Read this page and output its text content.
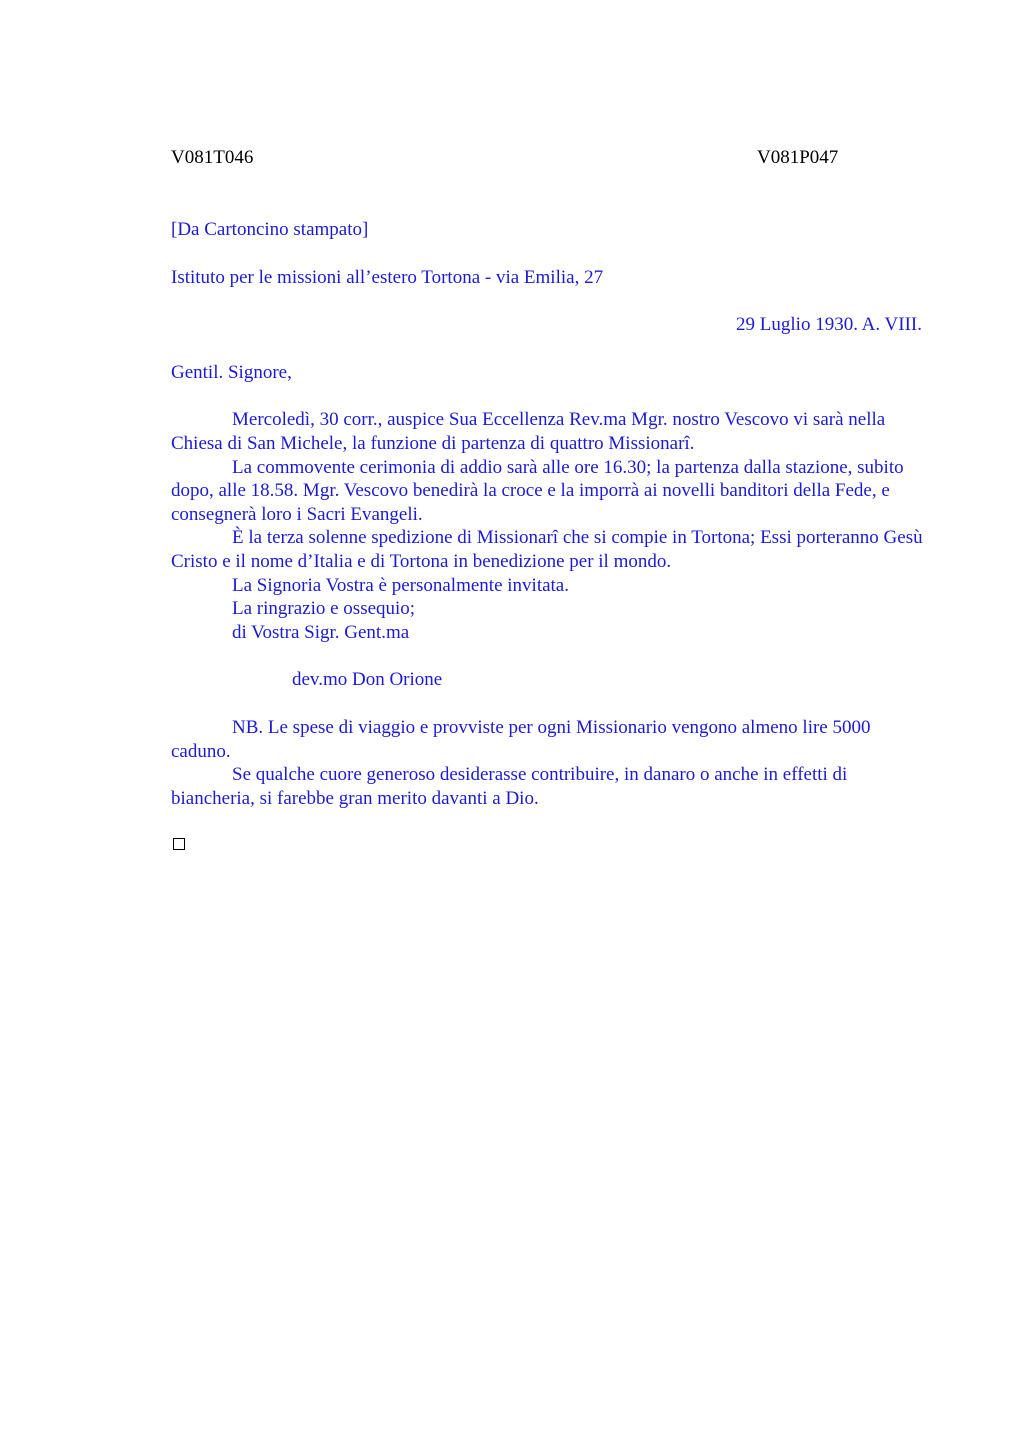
V081T046	V081P047

[Da Cartoncino stampato]

Istituto per le missioni all’estero Tortona - via Emilia, 27

29 Luglio 1930. A. VIII.

Gentil. Signore,

Mercoledì, 30 corr., auspice Sua Eccellenza Rev.ma Mgr. nostro Vescovo vi sarà nella Chiesa di San Michele, la funzione di partenza di quattro Missionarî.

La commovente cerimonia di addio sarà alle ore 16.30; la partenza dalla stazione, subito dopo, alle 18.58. Mgr. Vescovo benedirà la croce e la imporrà ai novelli banditori della Fede, e consegnerà loro i Sacri Evangeli.

È la terza solenne spedizione di Missionarî che si compie in Tortona; Essi porteranno Gesù Cristo e il nome d’Italia e di Tortona in benedizione per il mondo.

La Signoria Vostra è personalmente invitata.

La ringrazio e ossequio;

di Vostra Sigr. Gent.ma

dev.mo Don Orione

NB. Le spese di viaggio e provviste per ogni Missionario vengono almeno lire 5000 caduno.

Se qualche cuore generoso desiderasse contribuire, in danaro o anche in effetti di biancheria, si farebbe gran merito davanti a Dio.
